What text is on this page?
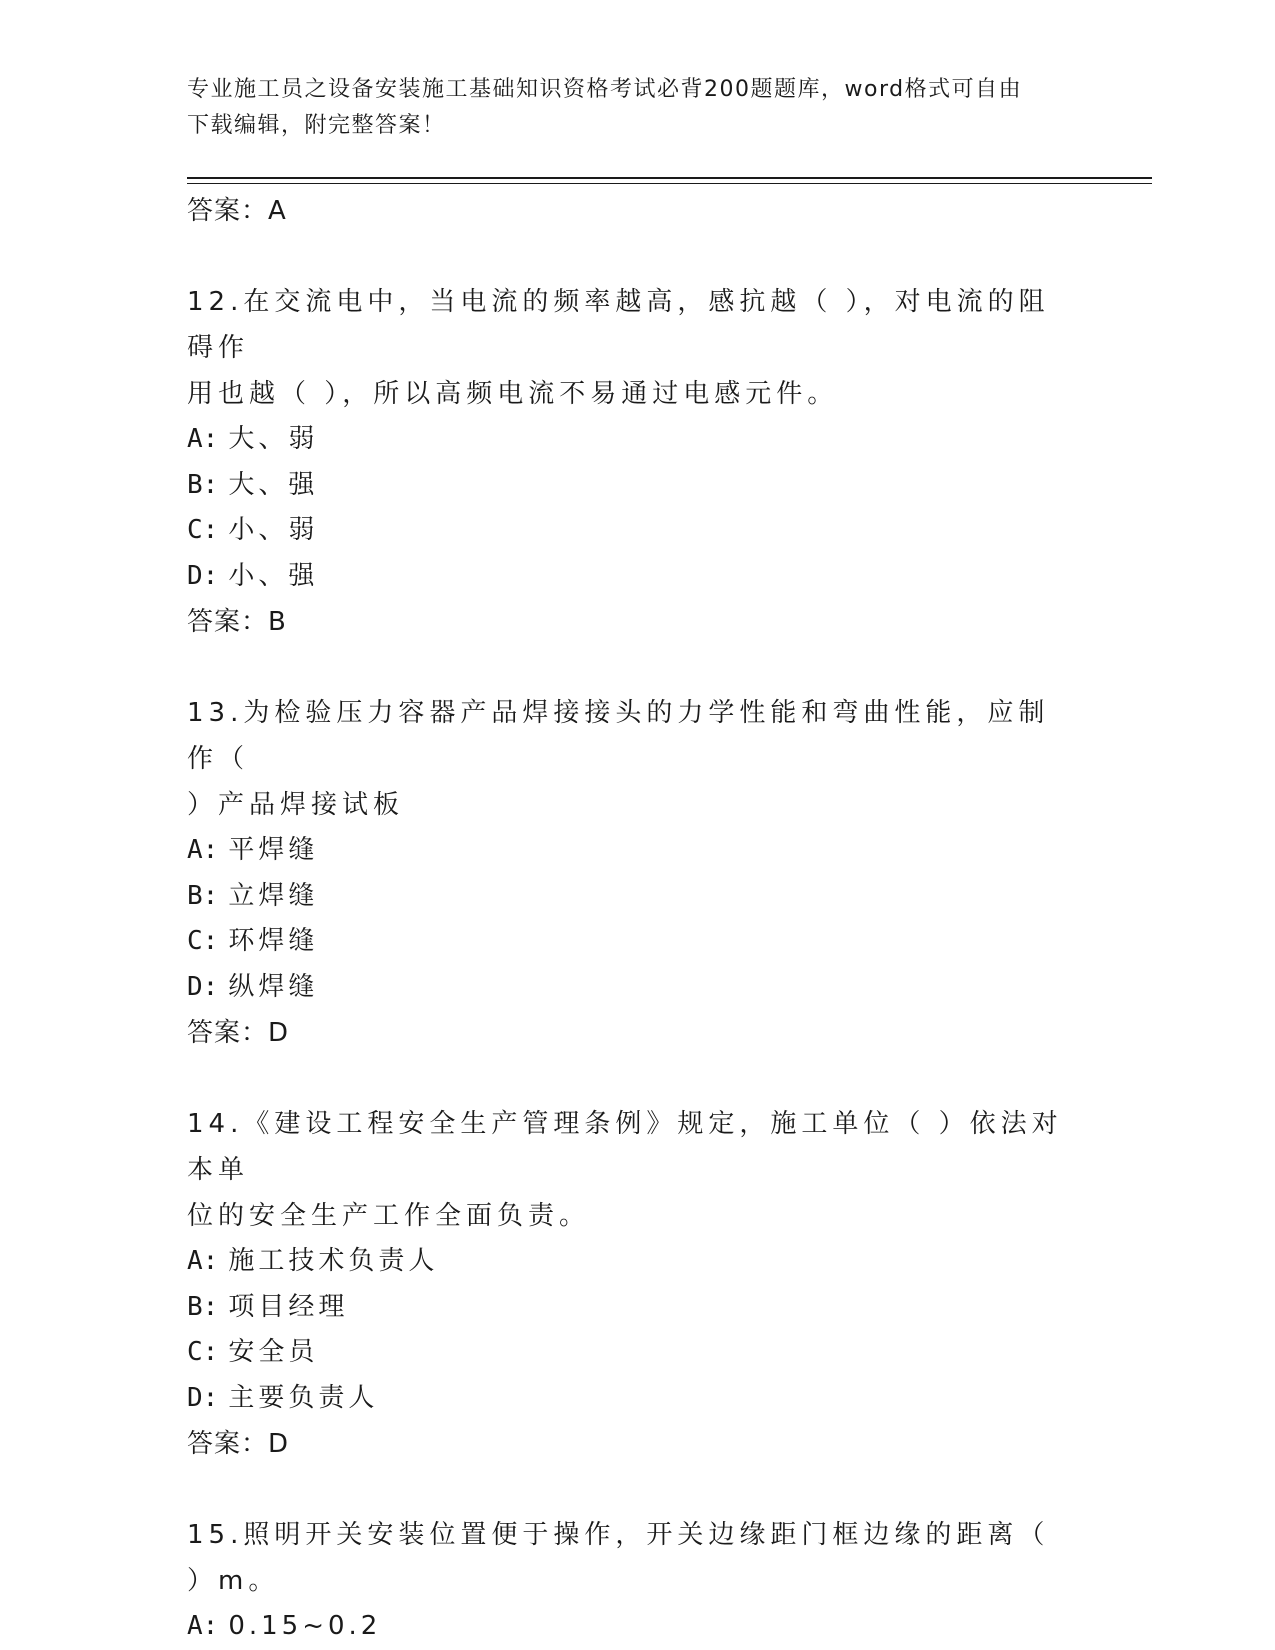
专业施工员之设备安装施工基础知识资格考试必背200题题库，word格式可自由
下载编辑，附完整答案！
答案：A
12.在交流电中，当电流的频率越高，感抗越（ ），对电流的阻碍作
用也越（ ），所以高频电流不易通过电感元件。
A: 大、弱
B: 大、强
C: 小、弱
D: 小、强
答案：B
13.为检验压力容器产品焊接接头的力学性能和弯曲性能，应制作（
）产品焊接试板
A: 平焊缝
B: 立焊缝
C: 环焊缝
D: 纵焊缝
答案：D
14.《建设工程安全生产管理条例》规定，施工单位（ ）依法对本单
位的安全生产工作全面负责。
A: 施工技术负责人
B: 项目经理
C: 安全员
D: 主要负责人
答案：D
15.照明开关安装位置便于操作，开关边缘距门框边缘的距离（ ）m。
A: 0.15~0.2
